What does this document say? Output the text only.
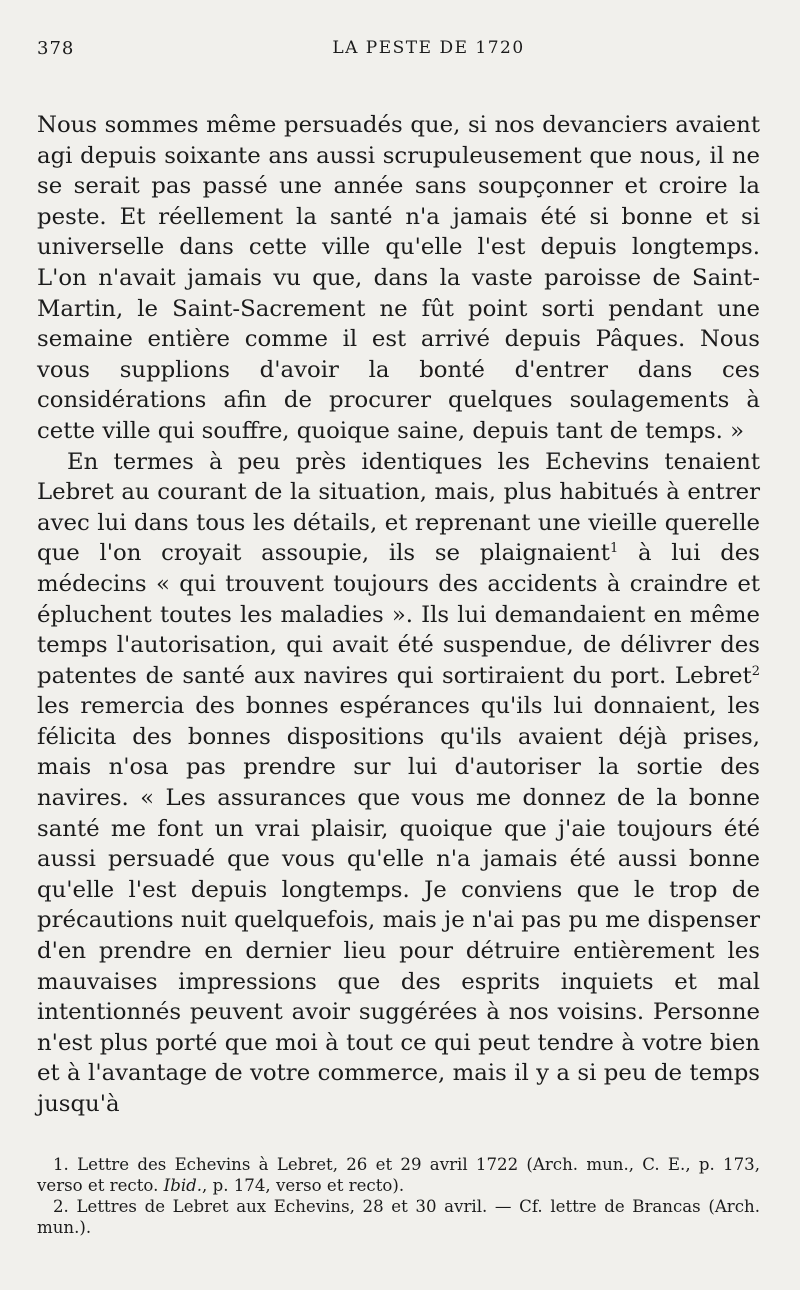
378	LA PESTE DE 1720

Nous sommes même persuadés que, si nos devanciers avaient agi depuis soixante ans aussi scrupuleusement que nous, il ne se serait pas passé une année sans soupçonner et croire la peste. Et réellement la santé n'a jamais été si bonne et si universelle dans cette ville qu'elle l'est depuis longtemps. L'on n'avait jamais vu que, dans la vaste paroisse de Saint-Martin, le Saint-Sacrement ne fût point sorti pendant une semaine entière comme il est arrivé depuis Pâques. Nous vous supplions d'avoir la bonté d'entrer dans ces considérations afin de procurer quelques soulagements à cette ville qui souffre, quoique saine, depuis tant de temps. »

En termes à peu près identiques les Echevins tenaient Lebret au courant de la situation, mais, plus habitués à entrer avec lui dans tous les détails, et reprenant une vieille querelle que l'on croyait assoupie, ils se plaignaient$^1$ à lui des médecins « qui trouvent toujours des accidents à craindre et épluchent toutes les maladies ». Ils lui demandaient en même temps l'autorisation, qui avait été suspendue, de délivrer des patentes de santé aux navires qui sortiraient du port. Lebret$^2$ les remercia des bonnes espérances qu'ils lui donnaient, les félicita des bonnes dispositions qu'ils avaient déjà prises, mais n'osa pas prendre sur lui d'autoriser la sortie des navires. « Les assurances que vous me donnez de la bonne santé me font un vrai plaisir, quoique que j'aie toujours été aussi persuadé que vous qu'elle n'a jamais été aussi bonne qu'elle l'est depuis longtemps. Je conviens que le trop de précautions nuit quelquefois, mais je n'ai pas pu me dispenser d'en prendre en dernier lieu pour détruire entièrement les mauvaises impressions que des esprits inquiets et mal intentionnés peuvent avoir suggérées à nos voisins. Personne n'est plus porté que moi à tout ce qui peut tendre à votre bien et à l'avantage de votre commerce, mais il y a si peu de temps jusqu'à

1. Lettre des Echevins à Lebret, 26 et 29 avril 1722 (Arch. mun., C. E., p. 173, verso et recto. Ibid., p. 174, verso et recto).

2. Lettres de Lebret aux Echevins, 28 et 30 avril. — Cf. lettre de Brancas (Arch. mun.).
